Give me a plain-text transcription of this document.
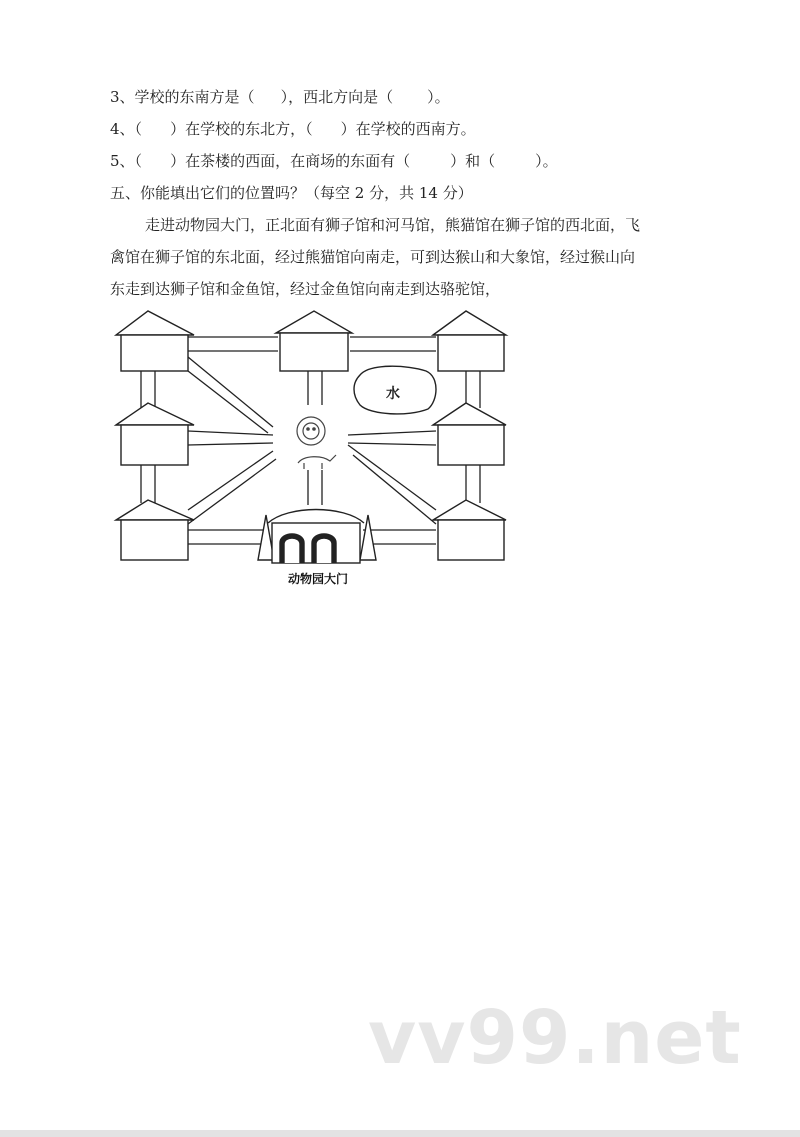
3、学校的东南方是（ ），西北方向是（ ）。
4、（ ）在学校的东北方，（ ）在学校的西南方。
5、（ ）在茶楼的西面，在商场的东面有（	）和（	）。
五、你能填出它们的位置吗？（每空 2 分，共 14 分）
走进动物园大门，正北面有狮子馆和河马馆，熊猫馆在狮子馆的西北面，飞
禽馆在狮子馆的东北面，经过熊猫馆向南走，可到达猴山和大象馆，经过猴山向
东走到达狮子馆和金鱼馆，经过金鱼馆向南走到达骆驼馆，
水
动物园大门
vv99.net
